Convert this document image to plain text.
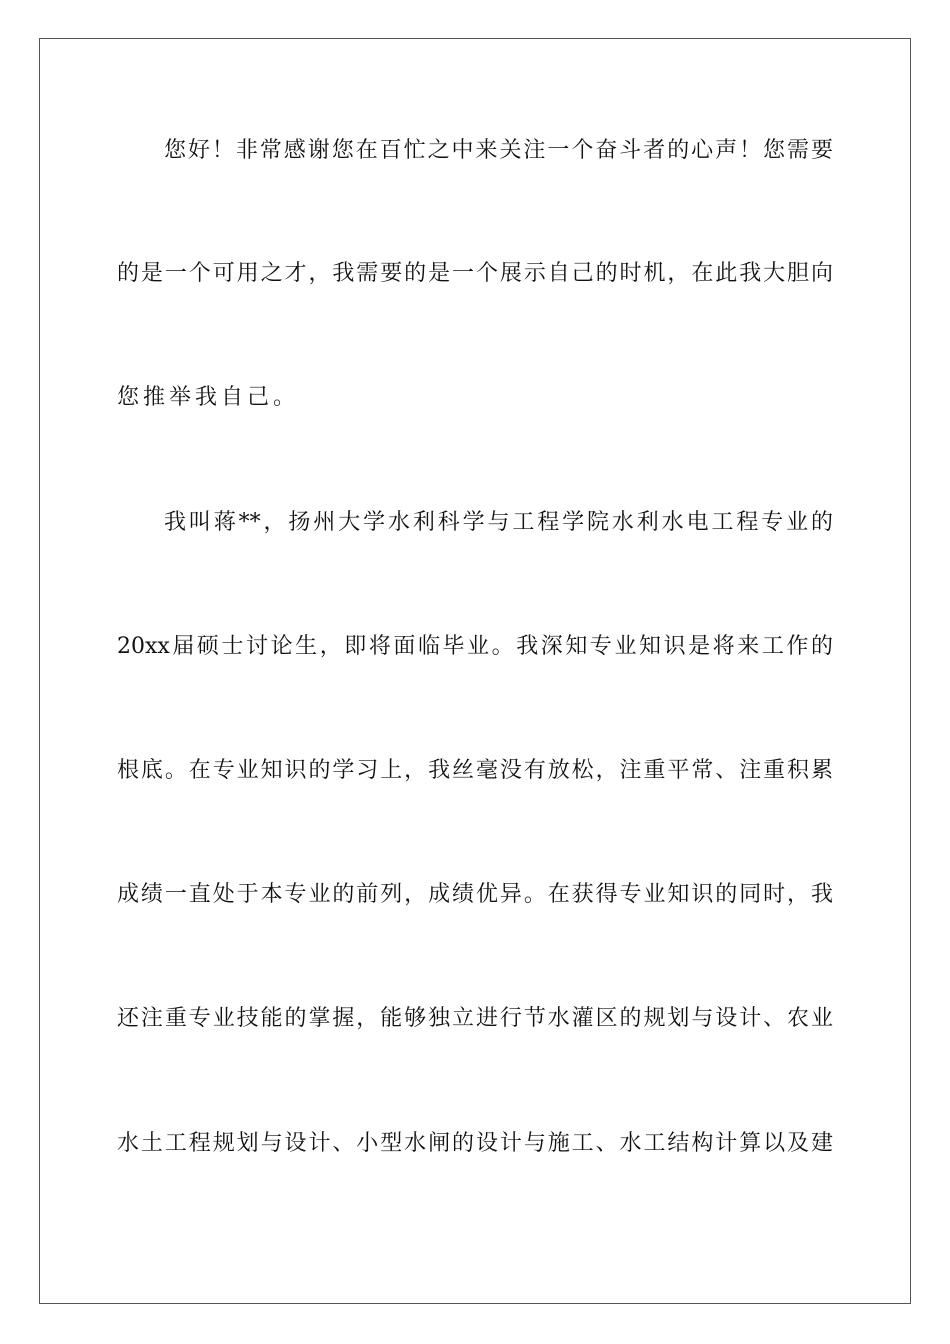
您好！非常感谢您在百忙之中来关注一个奋斗者的心声！您需要

的是一个可用之才，我需要的是一个展示自己的时机，在此我大胆向

您推举我自己。

我叫蒋**，扬州大学水利科学与工程学院水利水电工程专业的

20xx届硕士讨论生，即将面临毕业。我深知专业知识是将来工作的

根底。在专业知识的学习上，我丝毫没有放松，注重平常、注重积累

成绩一直处于本专业的前列，成绩优异。在获得专业知识的同时，我

还注重专业技能的掌握，能够独立进行节水灌区的规划与设计、农业

水土工程规划与设计、小型水闸的设计与施工、水工结构计算以及建
